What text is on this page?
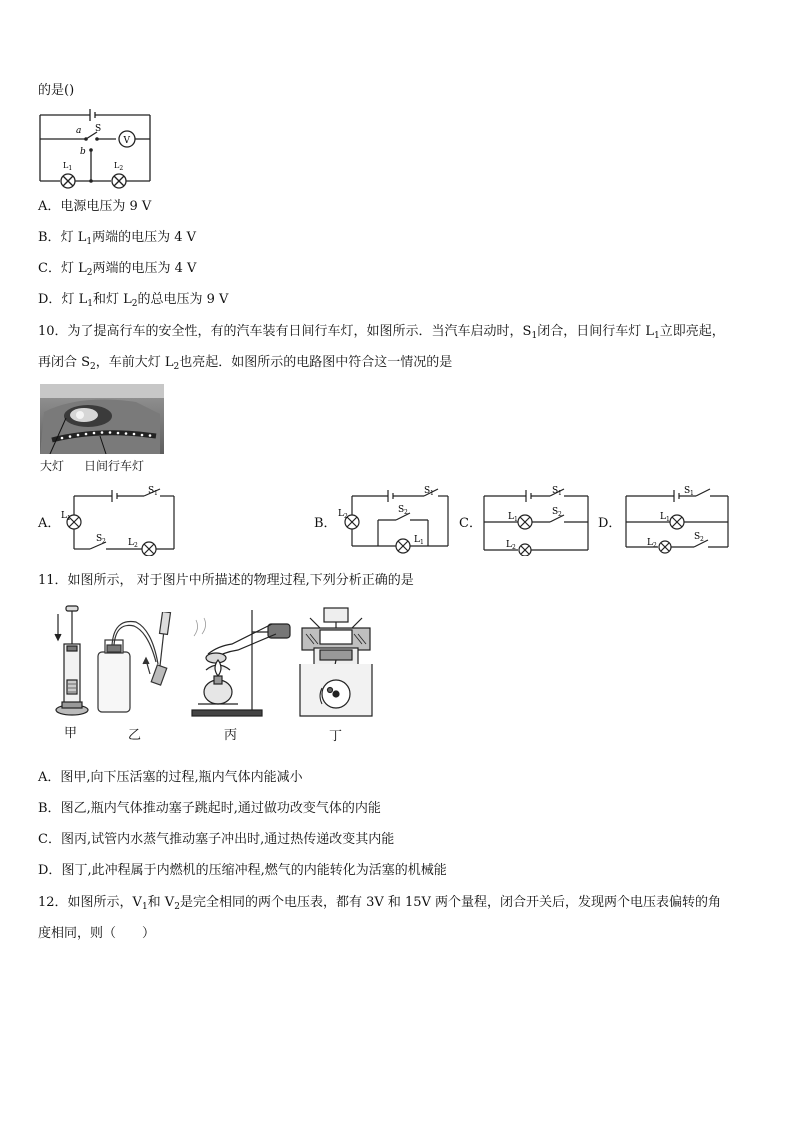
的是()
a S
b
V
$L_1$	$L_2$
A．电源电压为 9 V
B．灯 $L_1$两端的电压为 4 V
C．灯 $L_2$两端的电压为 4 V
D．灯 $L_1$和灯 $L_2$的总电压为 9 V
10．为了提高行车的安全性，有的汽车装有日间行车灯，如图所示．当汽车启动时，$S_1$闭合，日间行车灯 $L_1$立即亮起，
再闭合 $S_2$，车前大灯 $L_2$也亮起．如图所示的电路图中符合这一情况的是
大灯 日间行车灯
A．	B．	C．	D．
S 1
L 1
S 2 L 2
S 1
L 2
S 2
L 1
S 1
L 1
S 2
L 2
S 1
L 1
L 2
S 2
11．如图所示， 对于图片中所描述的物理过程,下列分析正确的是
甲	乙	丙	丁
A．图甲,向下压活塞的过程,瓶内气体内能减小
B．图乙,瓶内气体推动塞子跳起时,通过做功改变气体的内能
C．图丙,试管内水蒸气推动塞子冲出时,通过热传递改变其内能
D．图丁,此冲程属于内燃机的压缩冲程,燃气的内能转化为活塞的机械能
12．如图所示，$V_1$和 $V_2$是完全相同的两个电压表，都有 3V 和 15V 两个量程，闭合开关后，发现两个电压表偏转的角
度相同，则（　　）
